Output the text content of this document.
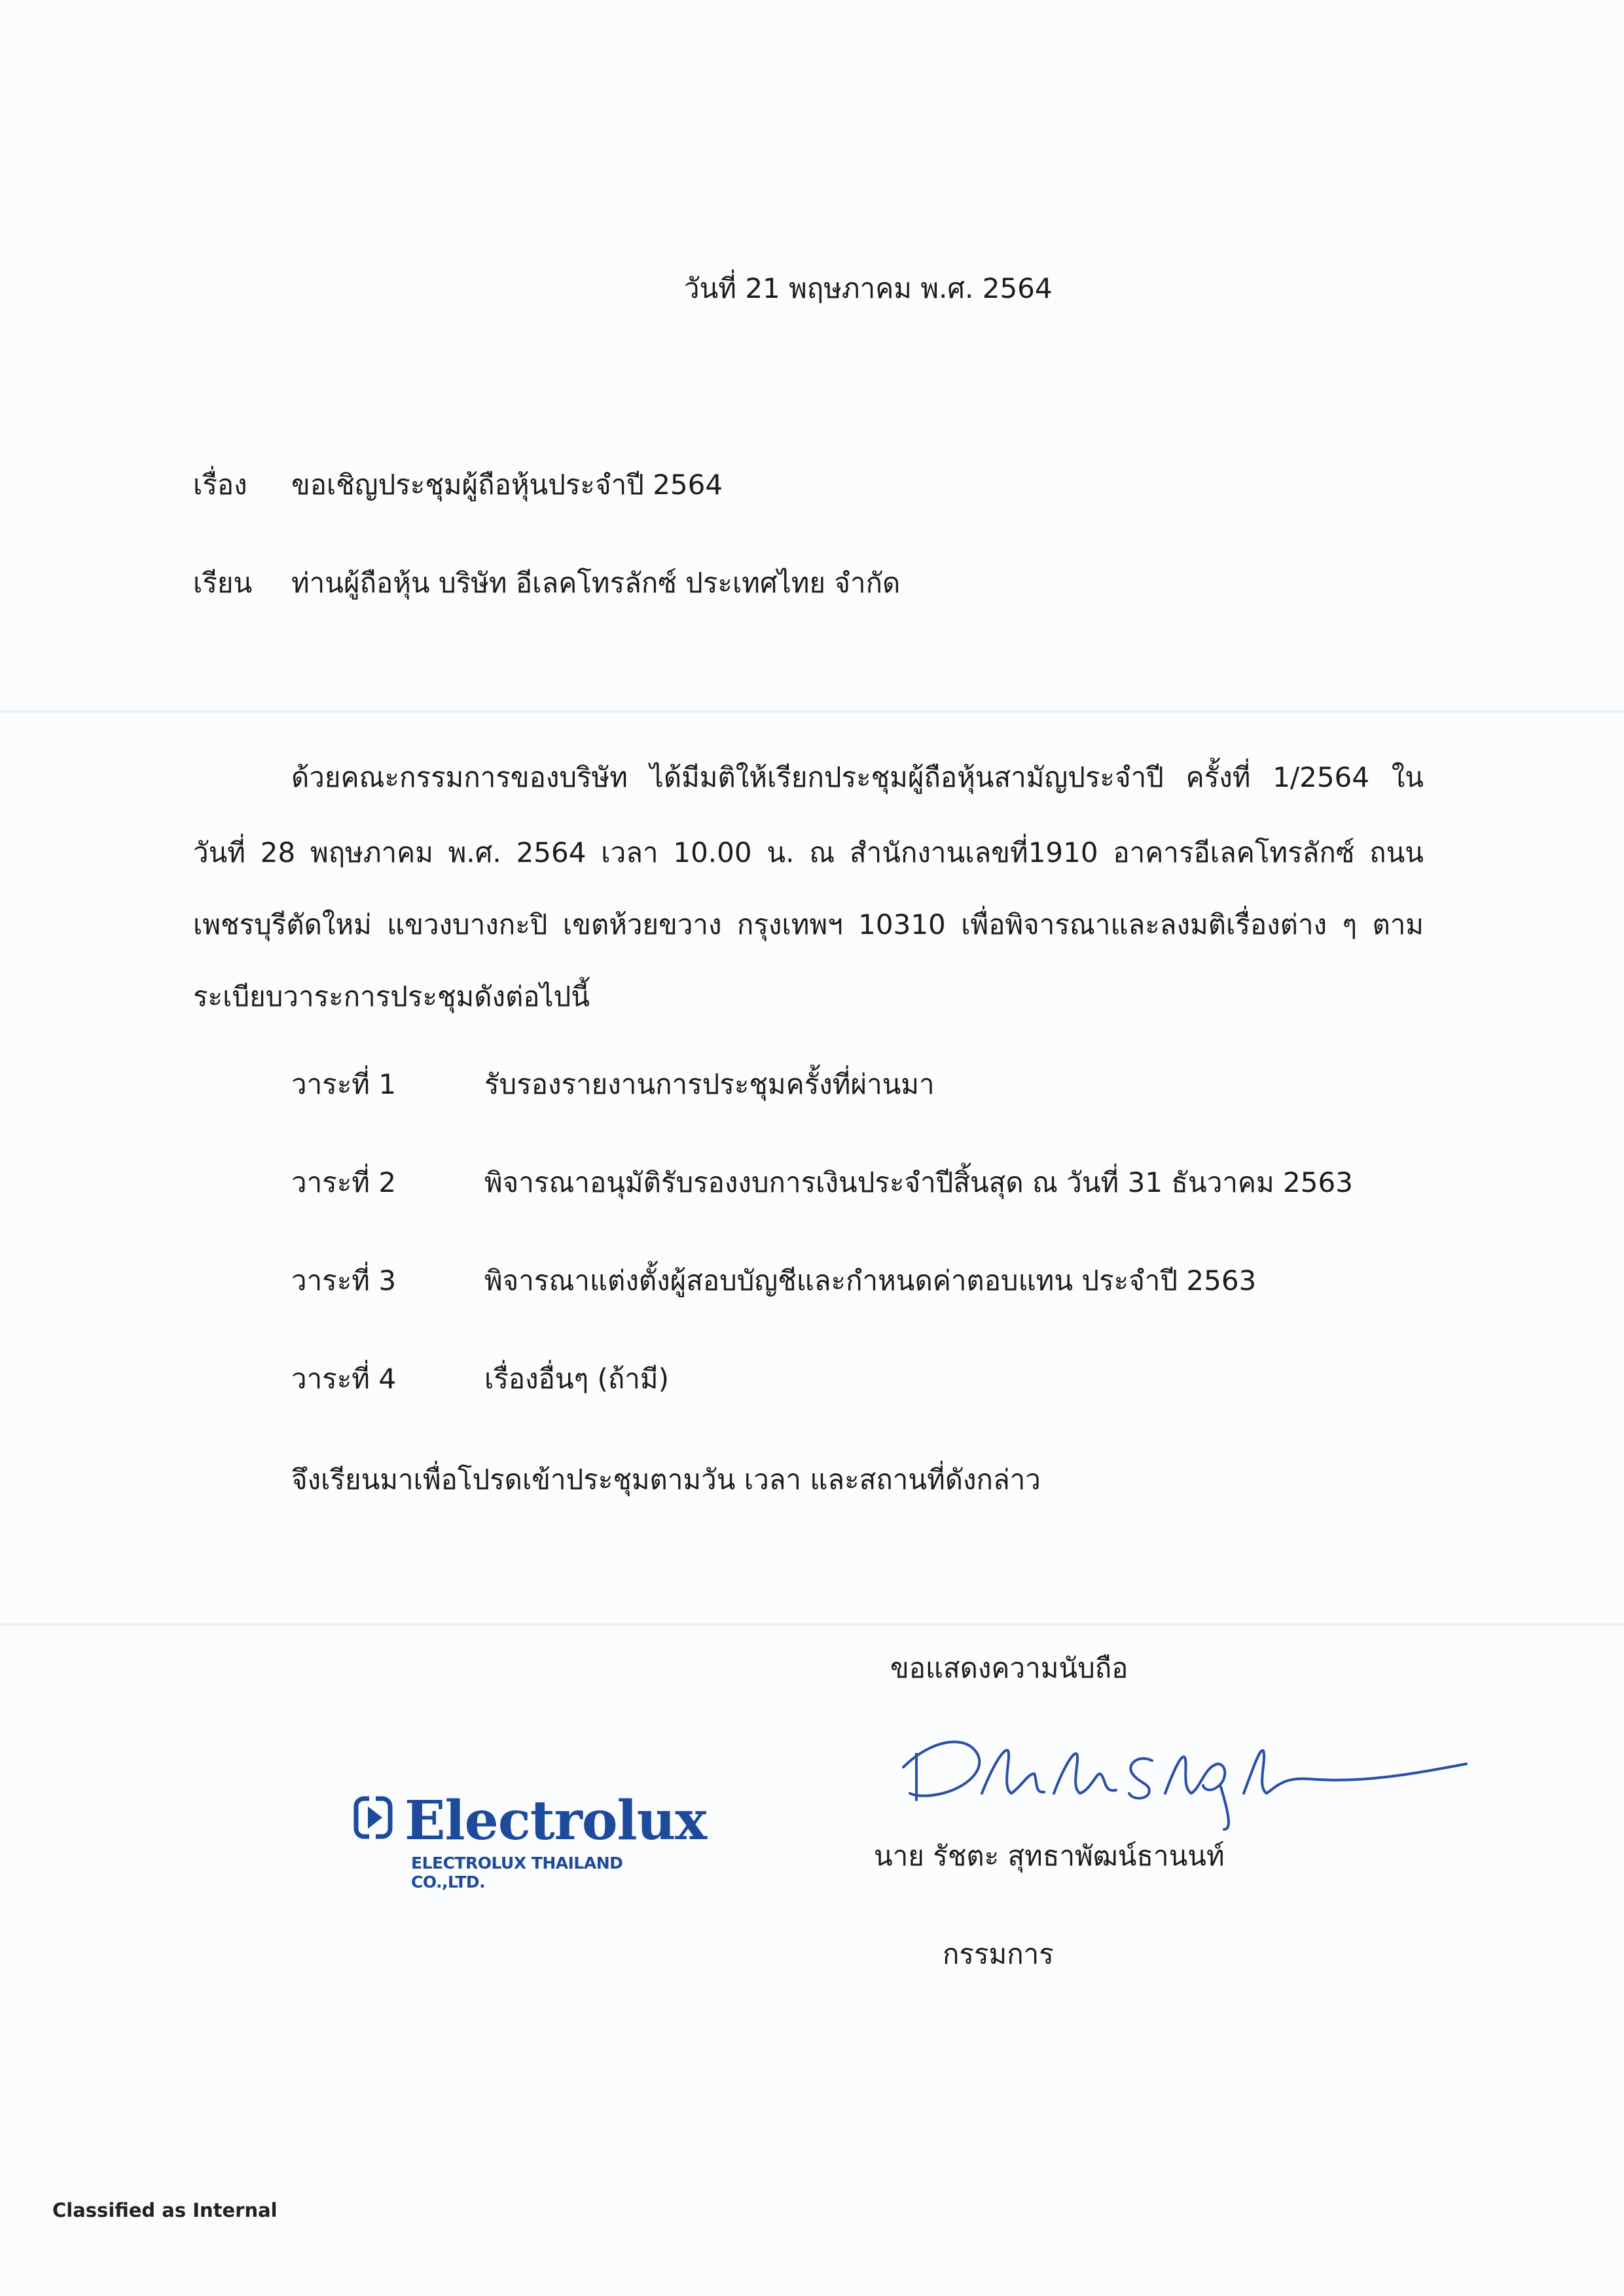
วันที่ 21 พฤษภาคม พ.ศ. 2564
เรื่อง ขอเชิญประชุมผู้ถือหุ้นประจำปี 2564
เรียน ท่านผู้ถือหุ้น บริษัท อีเลคโทรลักซ์ ประเทศไทย จำกัด
ด้วยคณะกรรมการของบริษัท ได้มีมติให้เรียกประชุมผู้ถือหุ้นสามัญประจำปี ครั้งที่ 1/2564 ใน
วันที่ 28 พฤษภาคม พ.ศ. 2564 เวลา 10.00 น. ณ สำนักงานเลขที่1910 อาคารอีเลคโทรลักซ์ ถนน
เพชรบุรีตัดใหม่ แขวงบางกะปิ เขตห้วยขวาง กรุงเทพฯ 10310 เพื่อพิจารณาและลงมติเรื่องต่าง ๆ ตาม
ระเบียบวาระการประชุมดังต่อไปนี้
วาระที่ 1	รับรองรายงานการประชุมครั้งที่ผ่านมา
วาระที่ 2	พิจารณาอนุมัติรับรองงบการเงินประจำปีสิ้นสุด ณ วันที่ 31 ธันวาคม 2563
วาระที่ 3	พิจารณาแต่งตั้งผู้สอบบัญชีและกำหนดค่าตอบแทน ประจำปี 2563
วาระที่ 4	เรื่องอื่นๆ (ถ้ามี)
จึงเรียนมาเพื่อโปรดเข้าประชุมตามวัน เวลา และสถานที่ดังกล่าว
ขอแสดงความนับถือ
นาย รัชตะ สุทธาพัฒน์ธานนท์
กรรมการ
Electrolux
ELECTROLUX THAILAND CO.,LTD.
Classified as Internal
